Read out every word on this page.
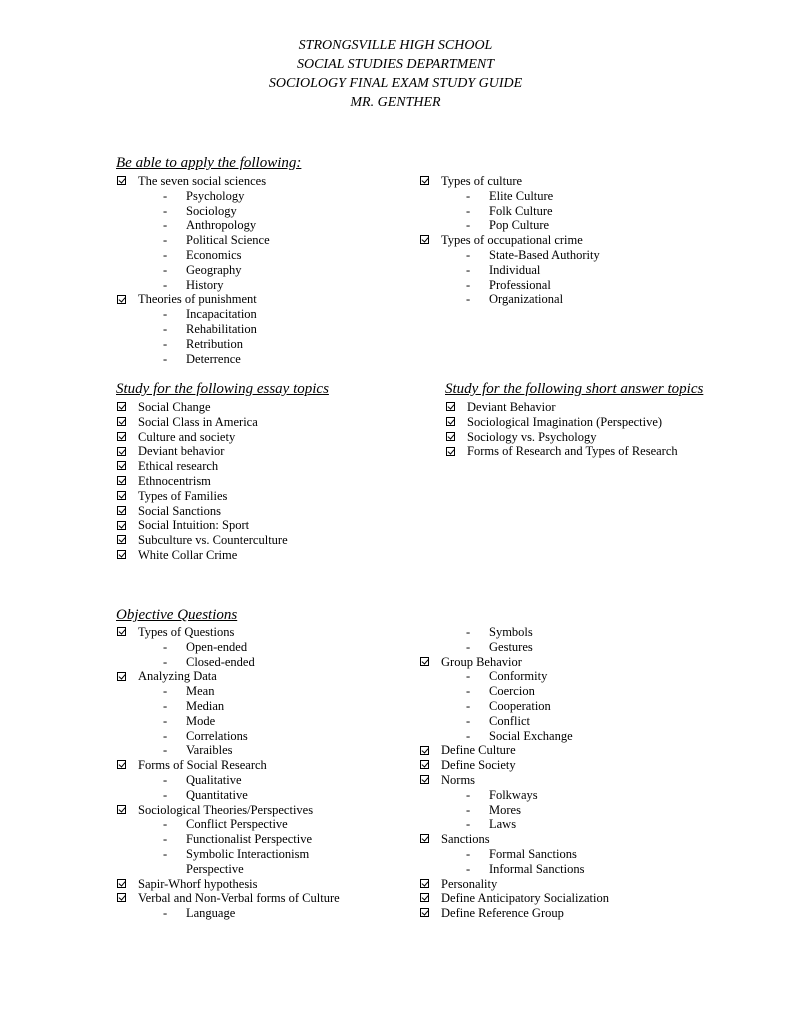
STRONGSVILLE HIGH SCHOOL
SOCIAL STUDIES DEPARTMENT
SOCIOLOGY FINAL EXAM STUDY GUIDE
MR. GENTHER
Be able to apply the following:
The seven social sciences
- Psychology
- Sociology
- Anthropology
- Political Science
- Economics
- Geography
- History
Theories of punishment
- Incapacitation
- Rehabilitation
- Retribution
- Deterrence
Types of culture
- Elite Culture
- Folk Culture
- Pop Culture
Types of occupational crime
- State-Based Authority
- Individual
- Professional
- Organizational
Study for the following essay topics
Social Change
Social Class in America
Culture and society
Deviant behavior
Ethical research
Ethnocentrism
Types of Families
Social Sanctions
Social Intuition: Sport
Subculture vs. Counterculture
White Collar Crime
Study for the following short answer topics
Deviant Behavior
Sociological Imagination (Perspective)
Sociology vs. Psychology
Forms of Research and Types of Research
Objective Questions
Types of Questions
- Open-ended
- Closed-ended
Analyzing Data
- Mean
- Median
- Mode
- Correlations
- Varaibles
Forms of Social Research
- Qualitative
- Quantitative
Sociological Theories/Perspectives
- Conflict Perspective
- Functionalist Perspective
- Symbolic Interactionism
Perspective
Sapir-Whorf hypothesis
Verbal and Non-Verbal forms of Culture
- Language
- Symbols
- Gestures
Group Behavior
- Conformity
- Coercion
- Cooperation
- Conflict
- Social Exchange
Define Culture
Define Society
Norms
- Folkways
- Mores
- Laws
Sanctions
- Formal Sanctions
- Informal Sanctions
Personality
Define Anticipatory Socialization
Define Reference Group
